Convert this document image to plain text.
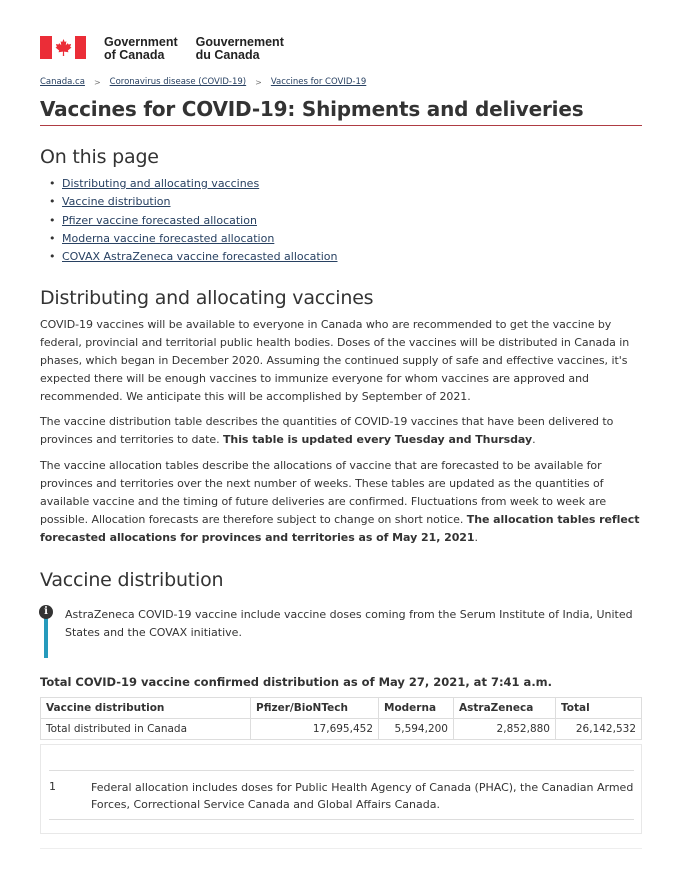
Government
of Canada
Gouvernement
du Canada
Canada.ca > Coronavirus disease (COVID-19) > Vaccines for COVID-19
Vaccines for COVID-19: Shipments and deliveries
On this page
• Distributing and allocating vaccines
• Vaccine distribution
• Pfizer vaccine forecasted allocation
• Moderna vaccine forecasted allocation
• COVAX AstraZeneca vaccine forecasted allocation
Distributing and allocating vaccines

COVID-19 vaccines will be available to everyone in Canada who are recommended to get the vaccine by federal, provincial and territorial public health bodies. Doses of the vaccines will be distributed in Canada in phases, which began in December 2020. Assuming the continued supply of safe and effective vaccines, it's expected there will be enough vaccines to immunize everyone for whom vaccines are approved and recommended. We anticipate this will be accomplished by September of 2021.

The vaccine distribution table describes the quantities of COVID-19 vaccines that have been delivered to provinces and territories to date. This table is updated every Tuesday and Thursday.

The vaccine allocation tables describe the allocations of vaccine that are forecasted to be available for provinces and territories over the next number of weeks. These tables are updated as the quantities of available vaccine and the timing of future deliveries are confirmed. Fluctuations from week to week are possible. Allocation forecasts are therefore subject to change on short notice. The allocation tables reflect forecasted allocations for provinces and territories as of May 21, 2021.

Vaccine distribution
i	AstraZeneca COVID-19 vaccine include vaccine doses coming from the Serum Institute of India, United States and the COVAX initiative.
Total COVID-19 vaccine confirmed distribution as of May 27, 2021, at 7:41 a.m.
Vaccine distribution	Pfizer/BioNTech	Moderna	AstraZeneca	Total
Total distributed in Canada	17,695,452	5,594,200	2,852,880	26,142,532
1	Federal allocation includes doses for Public Health Agency of Canada (PHAC), the Canadian Armed Forces, Correctional Service Canada and Global Affairs Canada.
